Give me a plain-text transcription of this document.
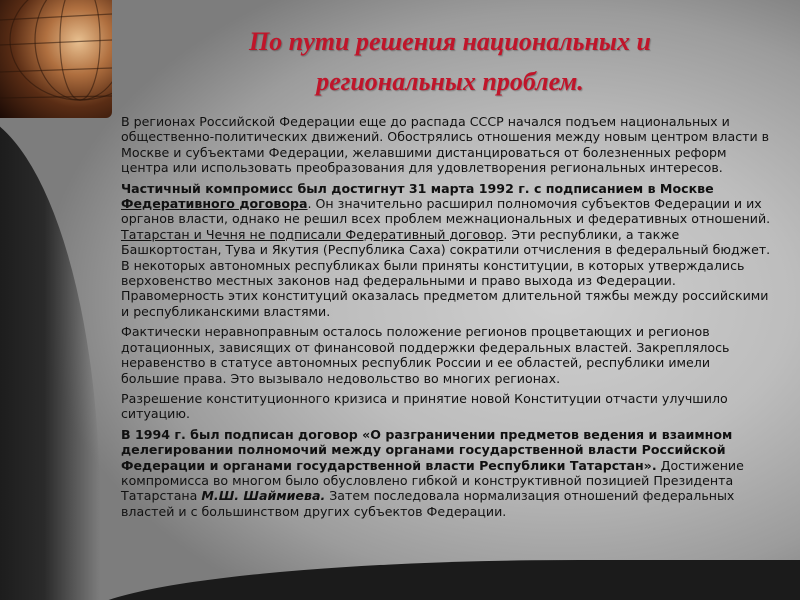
По пути решения национальных и
региональных проблем.

В регионах Российской Федерации еще до распада СССР начался подъем национальных и общественно-политических движений. Обострялись отношения между новым центром власти в Москве и субъектами Федерации, желавшими дистанцироваться от болезненных реформ центра или использовать преобразования для удовлетворения региональных интересов.

Частичный компромисс был достигнут 31 марта 1992 г. с подписанием в Москве Федеративного договора. Он значительно расширил полномочия субъектов Федерации и их органов власти, однако не решил всех проблем межнациональных и федеративных отношений. Татарстан и Чечня не подписали Федеративный договор. Эти республики, а также Башкортостан, Тува и Якутия (Республика Саха) сократили отчисления в федеральный бюджет. В некоторых автономных республиках были приняты конституции, в которых утверждались верховенство местных законов над федеральными и право выхода из Федерации. Правомерность этих конституций оказалась предметом длительной тяжбы между российскими и республиканскими властями.

Фактически неравноправным осталось положение регионов процветающих и регионов дотационных, зависящих от финансовой поддержки федеральных властей. Закреплялось неравенство в статусе автономных республик России и ее областей, республики имели большие права. Это вызывало недовольство во многих регионах.

Разрешение конституционного кризиса и принятие новой Конституции отчасти улучшило ситуацию.

В 1994 г. был подписан договор «О разграничении предметов ведения и взаимном делегировании полномочий между органами государственной власти Российской Федерации и органами государственной власти Республики Татарстан». Достижение компромисса во многом было обусловлено гибкой и конструктивной позицией Президента Татарстана М.Ш. Шаймиева. Затем последовала нормализация отношений федеральных властей и с большинством других субъектов Федерации.
